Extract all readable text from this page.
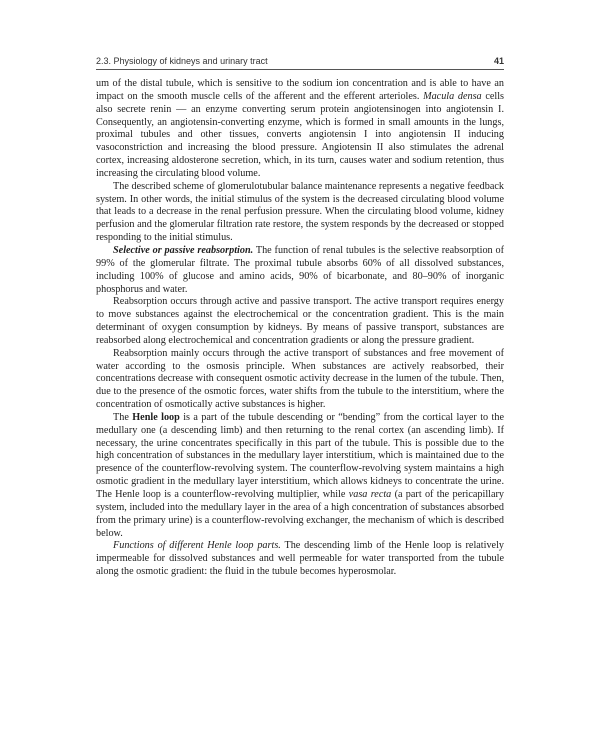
2.3. Physiology of kidneys and urinary tract	41

um of the distal tubule, which is sensitive to the sodium ion concentration and is able to have an impact on the smooth muscle cells of the afferent and the efferent arterioles. Macula densa cells also secrete renin — an enzyme converting serum protein angiotensinogen into angiotensin I. Consequently, an angiotensin-converting enzyme, which is formed in small amounts in the lungs, proximal tubules and other tissues, converts angiotensin I into angiotensin II inducing vasoconstriction and increasing the blood pressure. Angiotensin II also stimulates the adrenal cortex, increasing aldosterone secretion, which, in its turn, causes water and sodium retention, thus increasing the circulating blood volume.

The described scheme of glomerulotubular balance maintenance represents a negative feedback system. In other words, the initial stimulus of the system is the decreased circulating blood volume that leads to a decrease in the renal perfusion pressure. When the circulating blood volume, kidney perfusion and the glomerular filtration rate restore, the system responds by the decreased or stopped responding to the initial stimulus.

Selective or passive reabsorption. The function of renal tubules is the selective reabsorption of 99% of the glomerular filtrate. The proximal tubule absorbs 60% of all dissolved substances, including 100% of glucose and amino acids, 90% of bicarbonate, and 80–90% of inorganic phosphorus and water.

Reabsorption occurs through active and passive transport. The active transport requires energy to move substances against the electrochemical or the concentration gradient. This is the main determinant of oxygen consumption by kidneys. By means of passive transport, substances are reabsorbed along electrochemical and concentration gradients or along the pressure gradient.

Reabsorption mainly occurs through the active transport of substances and free movement of water according to the osmosis principle. When substances are actively reabsorbed, their concentrations decrease with consequent osmotic activity decrease in the lumen of the tubule. Then, due to the presence of the osmotic forces, water shifts from the tubule to the interstitium, where the concentration of osmotically active substances is higher.

The Henle loop is a part of the tubule descending or “bending” from the cortical layer to the medullary one (a descending limb) and then returning to the renal cortex (an ascending limb). If necessary, the urine concentrates specifically in this part of the tubule. This is possible due to the high concentration of substances in the medullary layer interstitium, which is maintained due to the presence of the counterflow-revolving system. The counterflow-revolving system maintains a high osmotic gradient in the medullary layer interstitium, which allows kidneys to concentrate the urine. The Henle loop is a counterflow-revolving multiplier, while vasa recta (a part of the pericapillary system, included into the medullary layer in the area of a high concentration of substances absorbed from the primary urine) is a counterflow-revolving exchanger, the mechanism of which is described below.

Functions of different Henle loop parts. The descending limb of the Henle loop is relatively impermeable for dissolved substances and well permeable for water transported from the tubule along the osmotic gradient: the fluid in the tubule becomes hyperosmolar.
